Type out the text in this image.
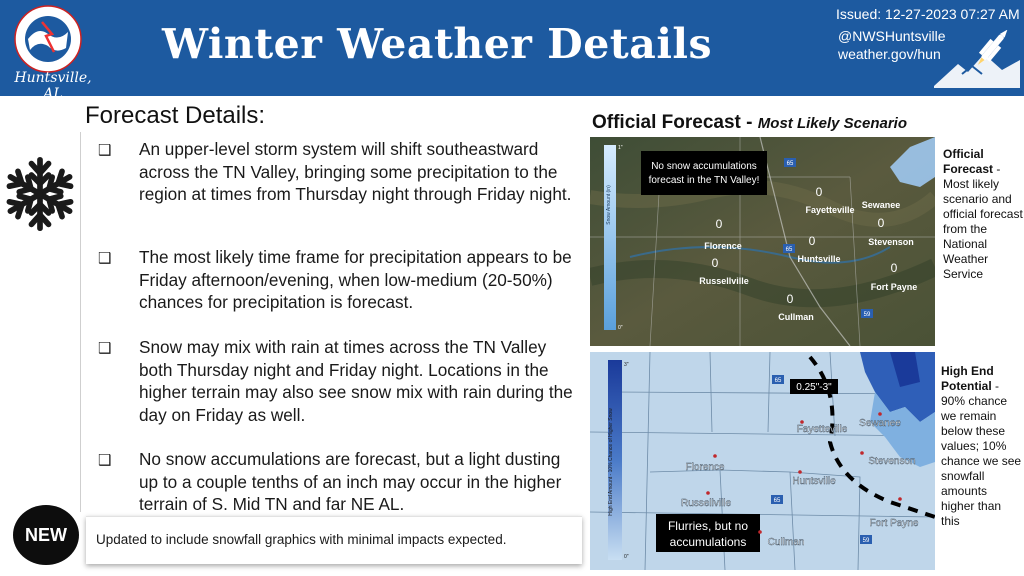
Huntsville, AL
Winter Weather Details
Issued: 12-27-2023 07:27 AM
@NWSHuntsville
weather.gov/hun
Forecast Details:
❑ An upper-level storm system will shift southeastward across the TN Valley, bringing some precipitation to the region at times from Thursday night through Friday night.
❑ The most likely time frame for precipitation appears to be Friday afternoon/evening, when low-medium (20-50%) chances for precipitation is forecast.
❑ Snow may mix with rain at times across the TN Valley both Thursday night and Friday night. Locations in the higher terrain may also see snow mix with rain during the day on Friday as well.
❑ No snow accumulations are forecast, but a light dusting up to a couple tenths of an inch may occur in the higher terrain of S. Mid TN and far NE AL.
NEW	Updated to include snowfall graphics with minimal impacts expected.
Official Forecast - Most Likely Scenario
Snow Amount (in)
1"
0"
No snow accumulations
forecast in the TN Valley!
0
0
0
0
0
0
0
Fayetteville Sewanee
Florence	Stevenson
Huntsville
Russellville
Fort Payne
Cullman
65
59
65
Official Forecast - Most likely scenario and official forecast from the National Weather Service
High End Amount - 10% Chance of Higher Snow
3"
0"
0.25"-3"
Flurries, but no
accumulations
Fayetteville
Sewanee
Florence
Huntsville
Stevenson
Russellville
Fort Payne
Cullman
65
65
59
High End Potential - 90% chance we remain below these values; 10% chance we see snowfall amounts higher than this
